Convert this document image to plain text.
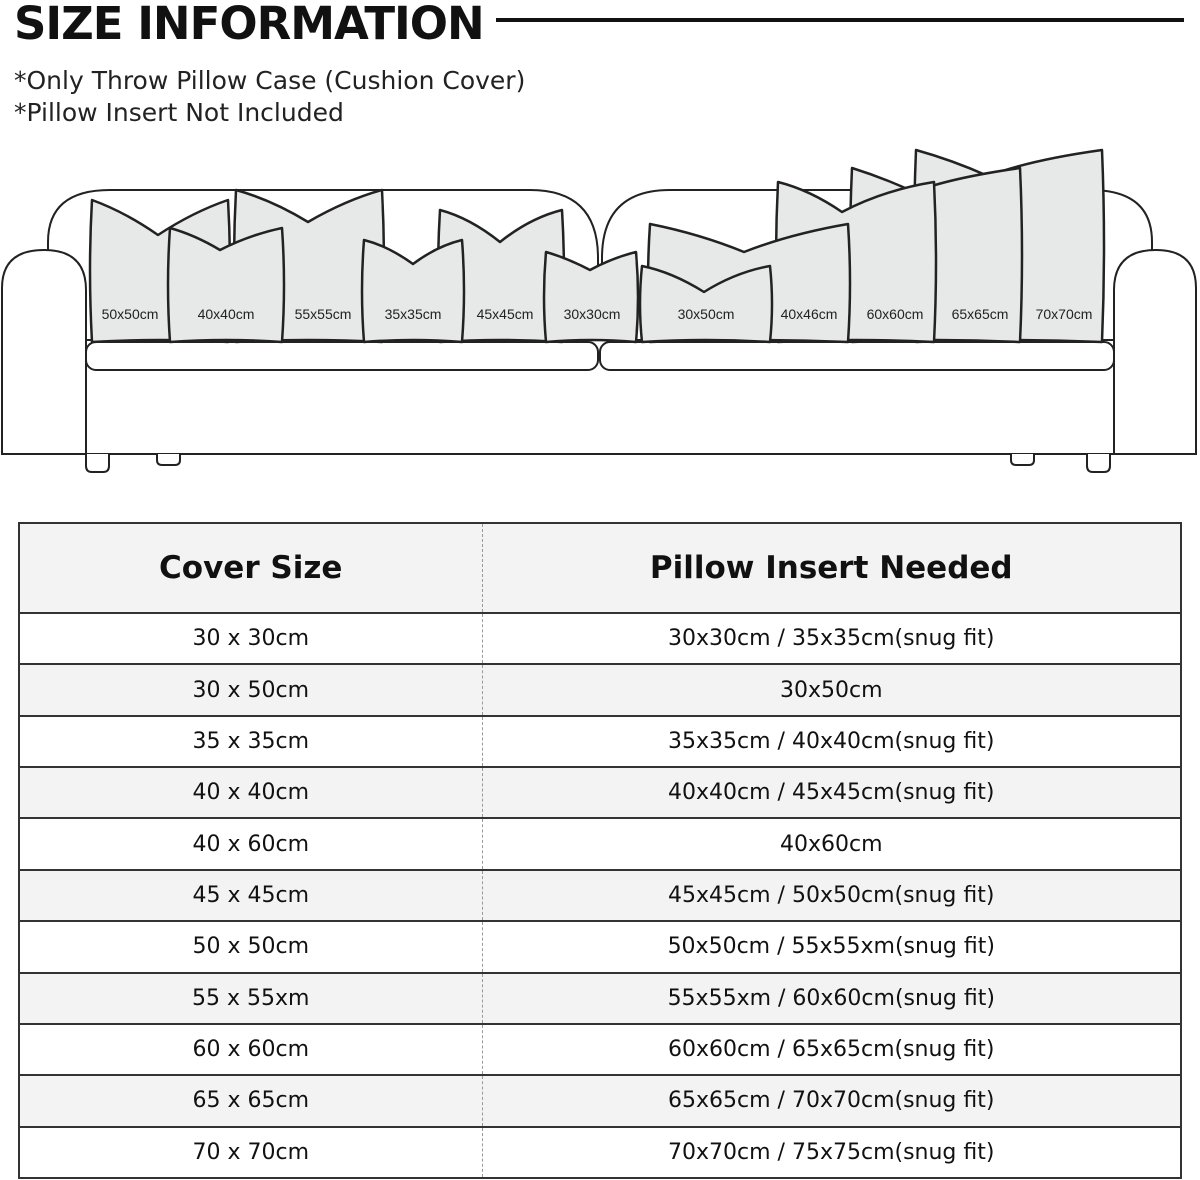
SIZE INFORMATION
*Only Throw Pillow Case (Cushion Cover)
*Pillow Insert Not Included
50x50cm	40x40cm	55x55cm 35x35cm	45x45cm 30x30cm	30x50cm	40x46cm 60x60cm 65x65cm 70x70cm
Cover Size	Pillow Insert Needed
30 x 30cm	30x30cm / 35x35cm(snug fit)
30 x 50cm	30x50cm
35 x 35cm	35x35cm / 40x40cm(snug fit)
40 x 40cm	40x40cm / 45x45cm(snug fit)
40 x 60cm	40x60cm
45 x 45cm	45x45cm / 50x50cm(snug fit)
50 x 50cm	50x50cm / 55x55xm(snug fit)
55 x 55xm	55x55xm / 60x60cm(snug fit)
60 x 60cm	60x60cm / 65x65cm(snug fit)
65 x 65cm	65x65cm / 70x70cm(snug fit)
70 x 70cm	70x70cm / 75x75cm(snug fit)
